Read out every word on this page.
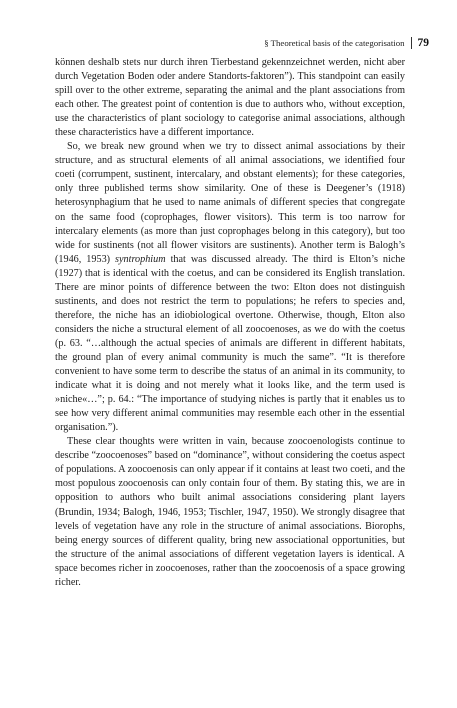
§ Theoretical basis of the categorisation 79

können deshalb stets nur durch ihren Tierbestand gekennzeichnet werden, nicht aber durch Vegetation Boden oder andere Standorts-faktoren”). This standpoint can easily spill over to the other extreme, separating the animal and the plant associations from each other. The greatest point of contention is due to authors who, without exception, use the characteristics of plant sociology to categorise animal associations, although these characteristics have a different importance.

So, we break new ground when we try to dissect animal associations by their structure, and as structural elements of all animal associations, we identified four coeti (corrumpent, sustinent, intercalary, and obstant elements); for these categories, only three published terms show similarity. One of these is Deegener’s (1918) heterosynphagium that he used to name animals of different species that congregate on the same food (coprophages, flower visitors). This term is too narrow for intercalary elements (as more than just coprophages belong in this category), but too wide for sustinents (not all flower visitors are sustinents). Another term is Balogh’s (1946, 1953) syntrophium that was discussed already. The third is Elton’s niche (1927) that is identical with the coetus, and can be considered its English translation. There are minor points of difference between the two: Elton does not distinguish sustinents, and does not restrict the term to populations; he refers to species and, therefore, the niche has an idiobiological overtone. Otherwise, though, Elton also considers the niche a structural element of all zoocoenoses, as we do with the coetus (p. 63. “…although the actual species of animals are different in different habitats, the ground plan of every animal community is much the same”. “It is therefore convenient to have some term to describe the status of an animal in its community, to indicate what it is doing and not merely what it looks like, and the term used is »niche«…”; p. 64.: “The importance of studying niches is partly that it enables us to see how very different animal communities may resemble each other in the essential organisation.”).

These clear thoughts were written in vain, because zoocoenologists continue to describe “zoocoenoses” based on “dominance”, without considering the coetus aspect of populations. A zoocoenosis can only appear if it contains at least two coeti, and the most populous zoocoenosis can only contain four of them. By stating this, we are in opposition to authors who built animal associations considering plant layers (Brundin, 1934; Balogh, 1946, 1953; Tischler, 1947, 1950). We strongly disagree that levels of vegetation have any role in the structure of animal associations. Biorophs, being energy sources of different quality, bring new associational opportunities, but the structure of the animal associations of different vegetation layers is identical. A space becomes richer in zoocoenoses, rather than the zoocoenosis of a space growing richer.
